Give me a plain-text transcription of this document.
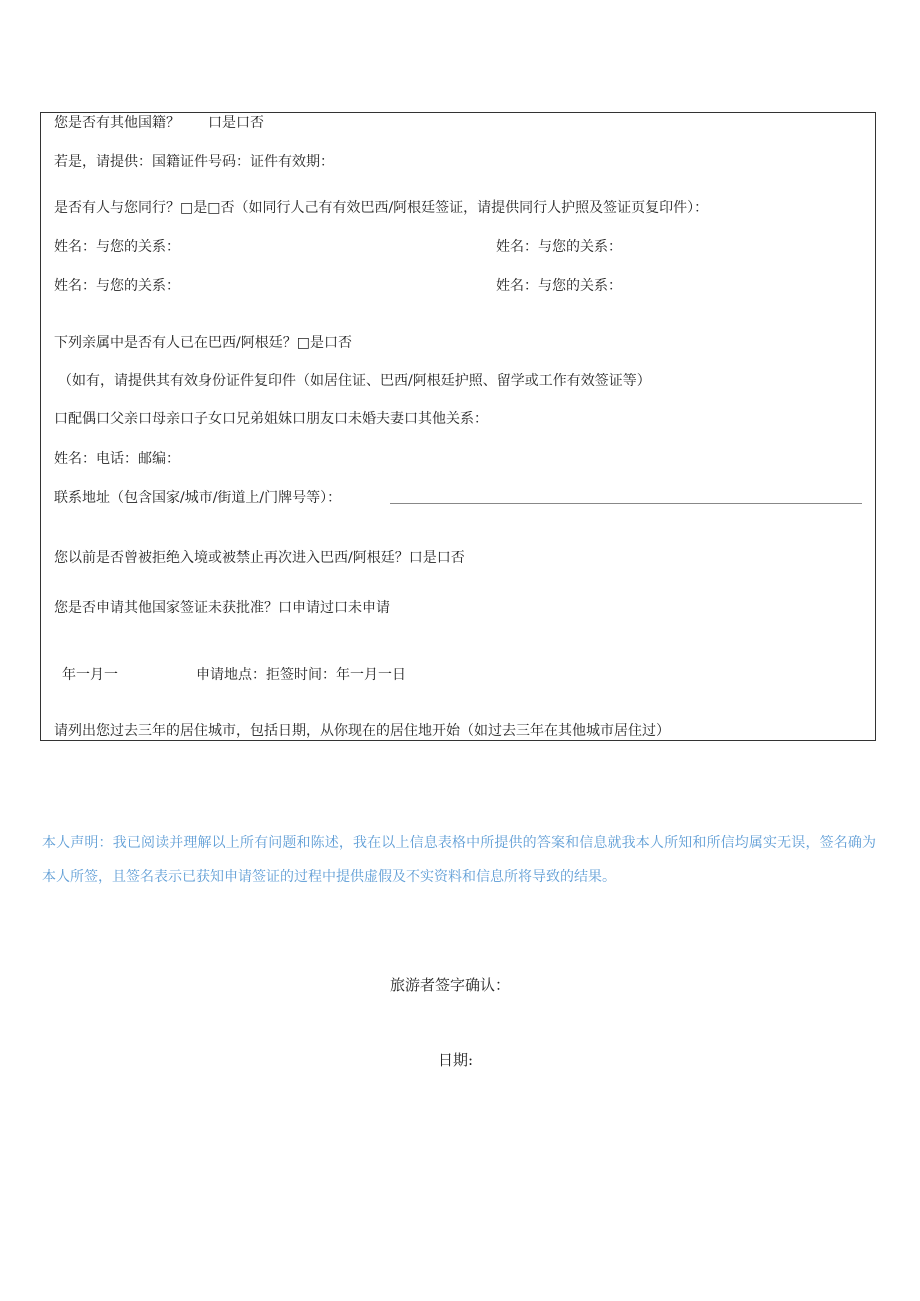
您是否有其他国籍？　　口是口否
若是，请提供：国籍证件号码：证件有效期：
是否有人与您同行？□是□否（如同行人己有有效巴西/阿根廷签证，请提供同行人护照及签证页复印件）：
姓名：与您的关系：	姓名：与您的关系：
姓名：与您的关系：	姓名：与您的关系：
下列亲属中是否有人已在巴西/阿根廷？□是口否
（如有，请提供其有效身份证件复印件（如居住证、巴西/阿根廷护照、留学或工作有效签证等）
口配偶口父亲口母亲口子女口兄弟姐妹口朋友口未婚夫妻口其他关系：
姓名：电话：邮编：
联系地址（包含国家/城市/街道上/门牌号等）：
您以前是否曾被拒绝入境或被禁止再次进入巴西/阿根廷？口是口否
您是否申请其他国家签证未获批准？口申请过口未申请
年一月一	申请地点：拒签时间：年一月一日
请列出您过去三年的居住城市，包括日期，从你现在的居住地开始（如过去三年在其他城市居住过）
本人声明：我已阅读并理解以上所有问题和陈述，我在以上信息表格中所提供的答案和信息就我本人所知和所信均属实无误，签名确为本人所签，且签名表示已获知申请签证的过程中提供虚假及不实资料和信息所将导致的结果。
旅游者签字确认：
日期:
